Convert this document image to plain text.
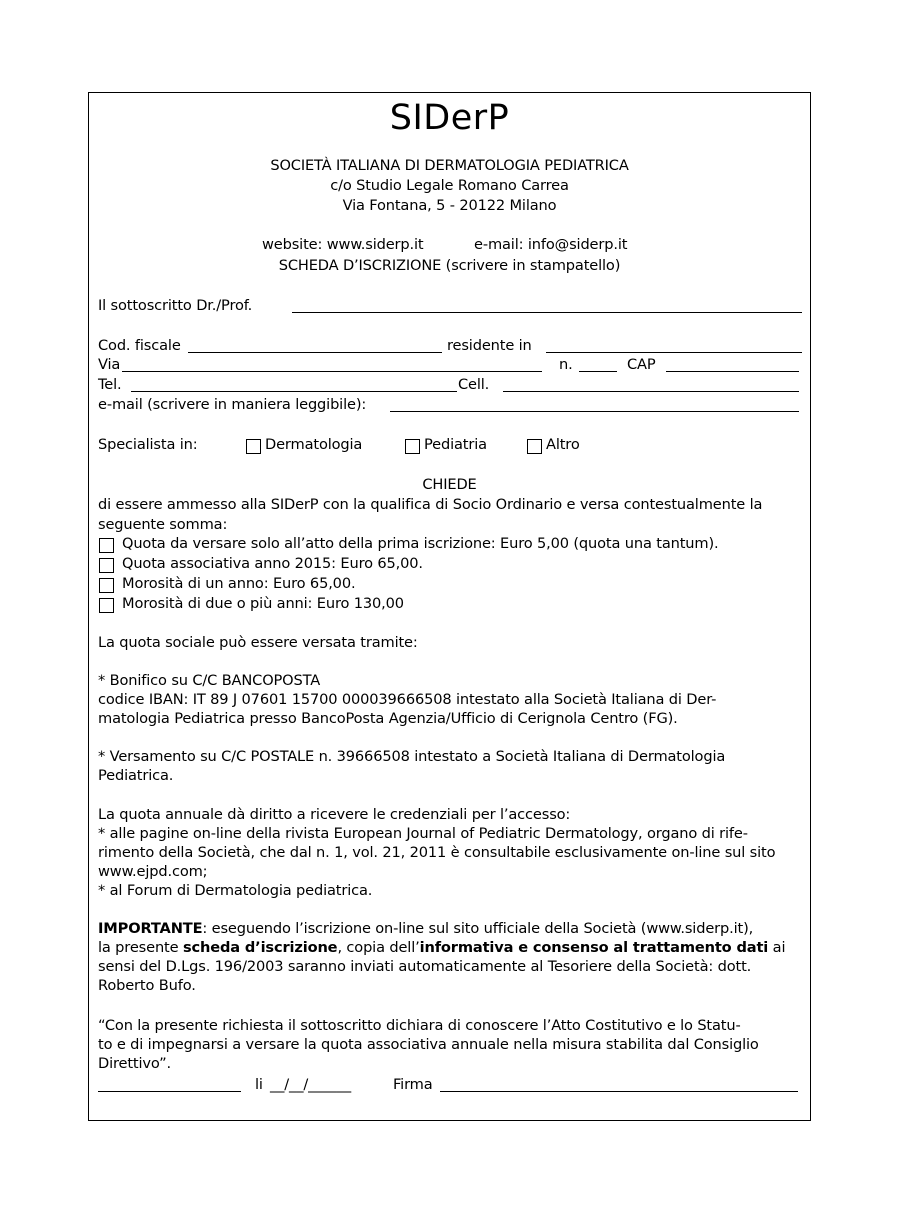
SIDerP
SOCIETÀ ITALIANA DI DERMATOLOGIA PEDIATRICA
c/o Studio Legale Romano Carrea
Via Fontana, 5 - 20122 Milano
website: www.siderp.it	e-mail: info@siderp.it
SCHEDA D’ISCRIZIONE (scrivere in stampatello)
Il sottoscritto Dr./Prof.
Cod. fiscale	residente in
Via	n.	CAP
Tel.	Cell.
e-mail (scrivere in maniera leggibile):
Specialista in:	Dermatologia	Pediatria	Altro
CHIEDE
di essere ammesso alla SIDerP con la qualifica di Socio Ordinario e versa contestualmente la
seguente somma:
Quota da versare solo all’atto della prima iscrizione: Euro 5,00 (quota una tantum).
Quota associativa anno 2015: Euro 65,00.
Morosità di un anno: Euro 65,00.
Morosità di due o più anni: Euro 130,00
La quota sociale può essere versata tramite:
* Bonifico su C/C BANCOPOSTA
codice IBAN: IT 89 J 07601 15700 000039666508 intestato alla Società Italiana di Der-
matologia Pediatrica presso BancoPosta Agenzia/Ufficio di Cerignola Centro (FG).
* Versamento su C/C POSTALE n. 39666508 intestato a Società Italiana di Dermatologia
Pediatrica.
La quota annuale dà diritto a ricevere le credenziali per l’accesso:
* alle pagine on-line della rivista European Journal of Pediatric Dermatology, organo di rife-
rimento della Società, che dal n. 1, vol. 21, 2011 è consultabile esclusivamente on-line sul sito
www.ejpd.com;
* al Forum di Dermatologia pediatrica.
IMPORTANTE: eseguendo l’iscrizione on-line sul sito ufficiale della Società (www.siderp.it),
la presente scheda d’iscrizione, copia dell’informativa e consenso al trattamento dati ai
sensi del D.Lgs. 196/2003 saranno inviati automaticamente al Tesoriere della Società: dott.
Roberto Bufo.
“Con la presente richiesta il sottoscritto dichiara di conoscere l’Atto Costitutivo e lo Statu-
to e di impegnarsi a versare la quota associativa annuale nella misura stabilita dal Consiglio
Direttivo”.
li __/__/______	Firma
